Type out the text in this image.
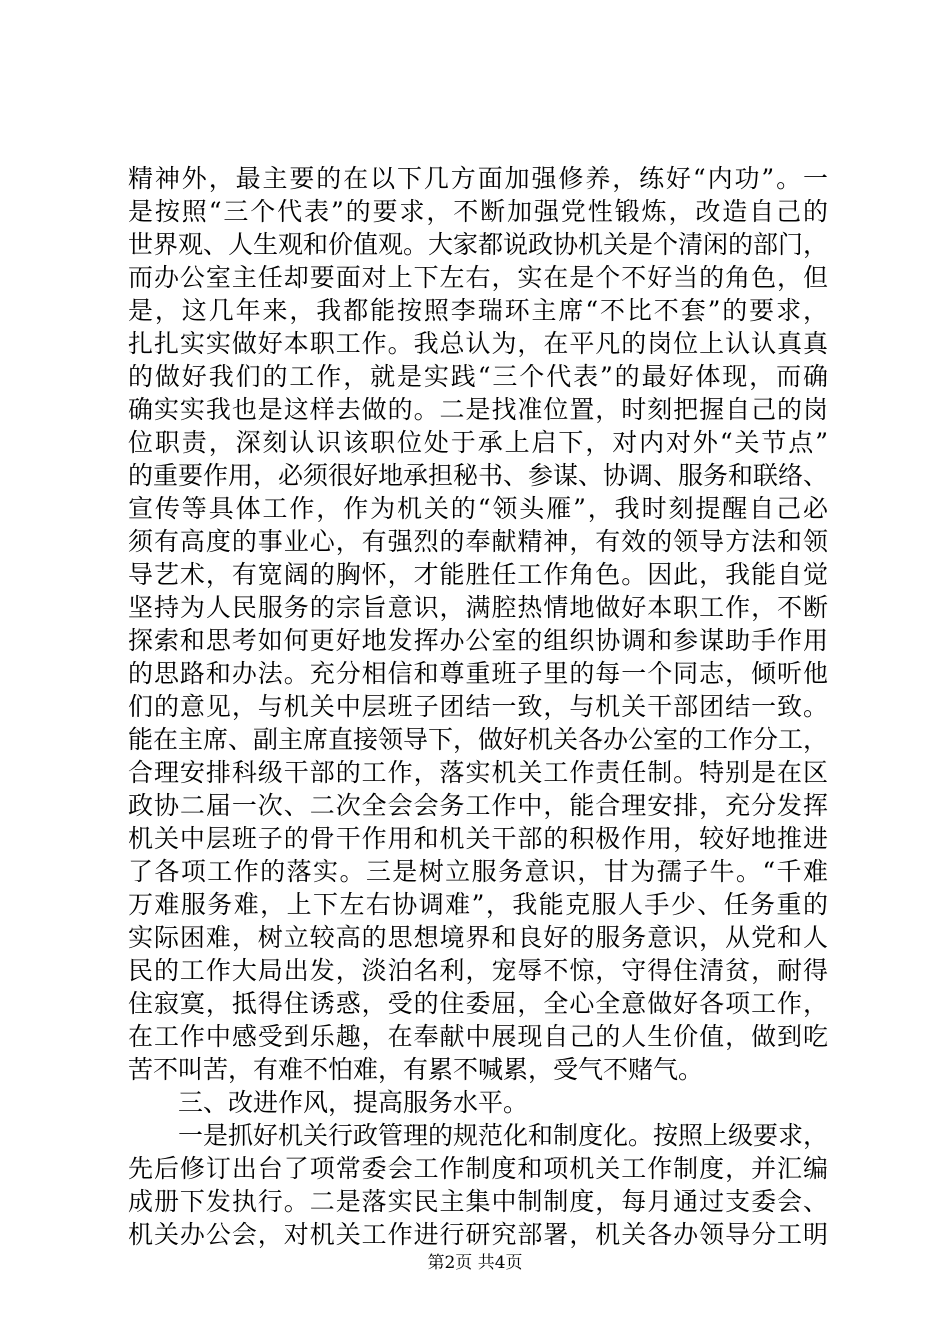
精神外，最主要的在以下几方面加强修养，练好“内功”。一
是按照“三个代表”的要求，不断加强党性锻炼，改造自己的
世界观、人生观和价值观。大家都说政协机关是个清闲的部门，
而办公室主任却要面对上下左右，实在是个不好当的角色，但
是，这几年来，我都能按照李瑞环主席“不比不套”的要求，
扎扎实实做好本职工作。我总认为，在平凡的岗位上认认真真
的做好我们的工作，就是实践“三个代表”的最好体现，而确
确实实我也是这样去做的。二是找准位置，时刻把握自己的岗
位职责，深刻认识该职位处于承上启下，对内对外“关节点”
的重要作用，必须很好地承担秘书、参谋、协调、服务和联络、
宣传等具体工作，作为机关的“领头雁”，我时刻提醒自己必
须有高度的事业心，有强烈的奉献精神，有效的领导方法和领
导艺术，有宽阔的胸怀，才能胜任工作角色。因此，我能自觉
坚持为人民服务的宗旨意识，满腔热情地做好本职工作，不断
探索和思考如何更好地发挥办公室的组织协调和参谋助手作用
的思路和办法。充分相信和尊重班子里的每一个同志，倾听他
们的意见，与机关中层班子团结一致，与机关干部团结一致。
能在主席、副主席直接领导下，做好机关各办公室的工作分工，
合理安排科级干部的工作，落实机关工作责任制。特别是在区
政协二届一次、二次全会会务工作中，能合理安排，充分发挥
机关中层班子的骨干作用和机关干部的积极作用，较好地推进
了各项工作的落实。三是树立服务意识，甘为孺子牛。“千难
万难服务难，上下左右协调难”，我能克服人手少、任务重的
实际困难，树立较高的思想境界和良好的服务意识，从党和人
民的工作大局出发，淡泊名利，宠辱不惊，守得住清贫，耐得
住寂寞，抵得住诱惑，受的住委屈，全心全意做好各项工作，
在工作中感受到乐趣，在奉献中展现自己的人生价值，做到吃
苦不叫苦，有难不怕难，有累不喊累，受气不赌气。
三、改进作风，提高服务水平。
一是抓好机关行政管理的规范化和制度化。按照上级要求，
先后修订出台了项常委会工作制度和项机关工作制度，并汇编
成册下发执行。二是落实民主集中制制度，每月通过支委会、
机关办公会，对机关工作进行研究部署，机关各办领导分工明
第2页 共4页
